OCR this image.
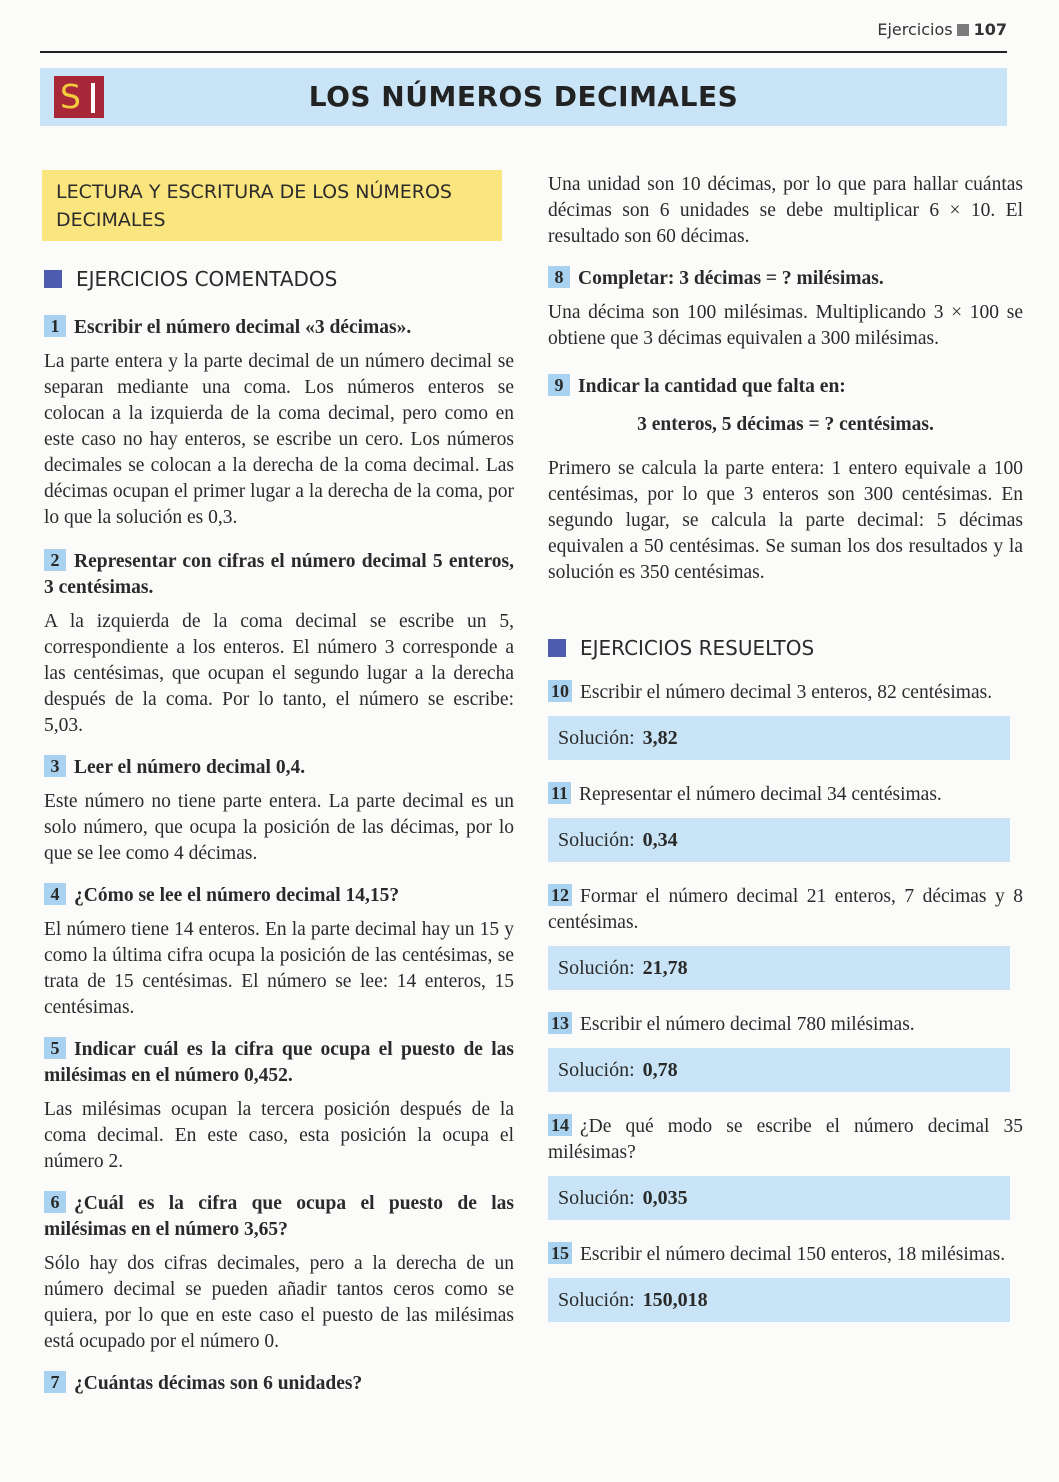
Ejercicios 107
S	LOS NÚMEROS DECIMALES
LECTURA Y ESCRITURA DE LOS NÚMEROS DECIMALES
EJERCICIOS COMENTADOS

1 Escribir el número decimal «3 décimas».

La parte entera y la parte decimal de un número decimal se separan mediante una coma. Los números enteros se colocan a la izquierda de la coma decimal, pero como en este caso no hay enteros, se escribe un cero. Los números decimales se colocan a la derecha de la coma decimal. Las décimas ocupan el primer lugar a la derecha de la coma, por lo que la solución es 0,3.

2 Representar con cifras el número decimal 5 enteros, 3 centésimas.

A la izquierda de la coma decimal se escribe un 5, correspondiente a los enteros. El número 3 corresponde a las centésimas, que ocupan el segundo lugar a la derecha después de la coma. Por lo tanto, el número se escribe: 5,03.

3 Leer el número decimal 0,4.

Este número no tiene parte entera. La parte decimal es un solo número, que ocupa la posición de las décimas, por lo que se lee como 4 décimas.

4 ¿Cómo se lee el número decimal 14,15?

El número tiene 14 enteros. En la parte decimal hay un 15 y como la última cifra ocupa la posición de las centésimas, se trata de 15 centésimas. El número se lee: 14 enteros, 15 centésimas.

5 Indicar cuál es la cifra que ocupa el puesto de las milésimas en el número 0,452.

Las milésimas ocupan la tercera posición después de la coma decimal. En este caso, esta posición la ocupa el número 2.

6 ¿Cuál es la cifra que ocupa el puesto de las milésimas en el número 3,65?

Sólo hay dos cifras decimales, pero a la derecha de un número decimal se pueden añadir tantos ceros como se quiera, por lo que en este caso el puesto de las milésimas está ocupado por el número 0.

7 ¿Cuántas décimas son 6 unidades?

Una unidad son 10 décimas, por lo que para hallar cuántas décimas son 6 unidades se debe multiplicar 6 × 10. El resultado son 60 décimas.

8 Completar: 3 décimas = ? milésimas.

Una décima son 100 milésimas. Multiplicando 3 × 100 se obtiene que 3 décimas equivalen a 300 milésimas.

9 Indicar la cantidad que falta en:

3 enteros, 5 décimas = ? centésimas.

Primero se calcula la parte entera: 1 entero equivale a 100 centésimas, por lo que 3 enteros son 300 centésimas. En segundo lugar, se calcula la parte decimal: 5 décimas equivalen a 50 centésimas. Se suman los dos resultados y la solución es 350 centésimas.

EJERCICIOS RESUELTOS

10 Escribir el número decimal 3 enteros, 82 centésimas.

Solución: 3,82

11 Representar el número decimal 34 centésimas.

Solución: 0,34

12 Formar el número decimal 21 enteros, 7 décimas y 8 centésimas.

Solución: 21,78

13 Escribir el número decimal 780 milésimas.

Solución: 0,78

14 ¿De qué modo se escribe el número decimal 35 milésimas?

Solución: 0,035

15 Escribir el número decimal 150 enteros, 18 milésimas.

Solución: 150,018
